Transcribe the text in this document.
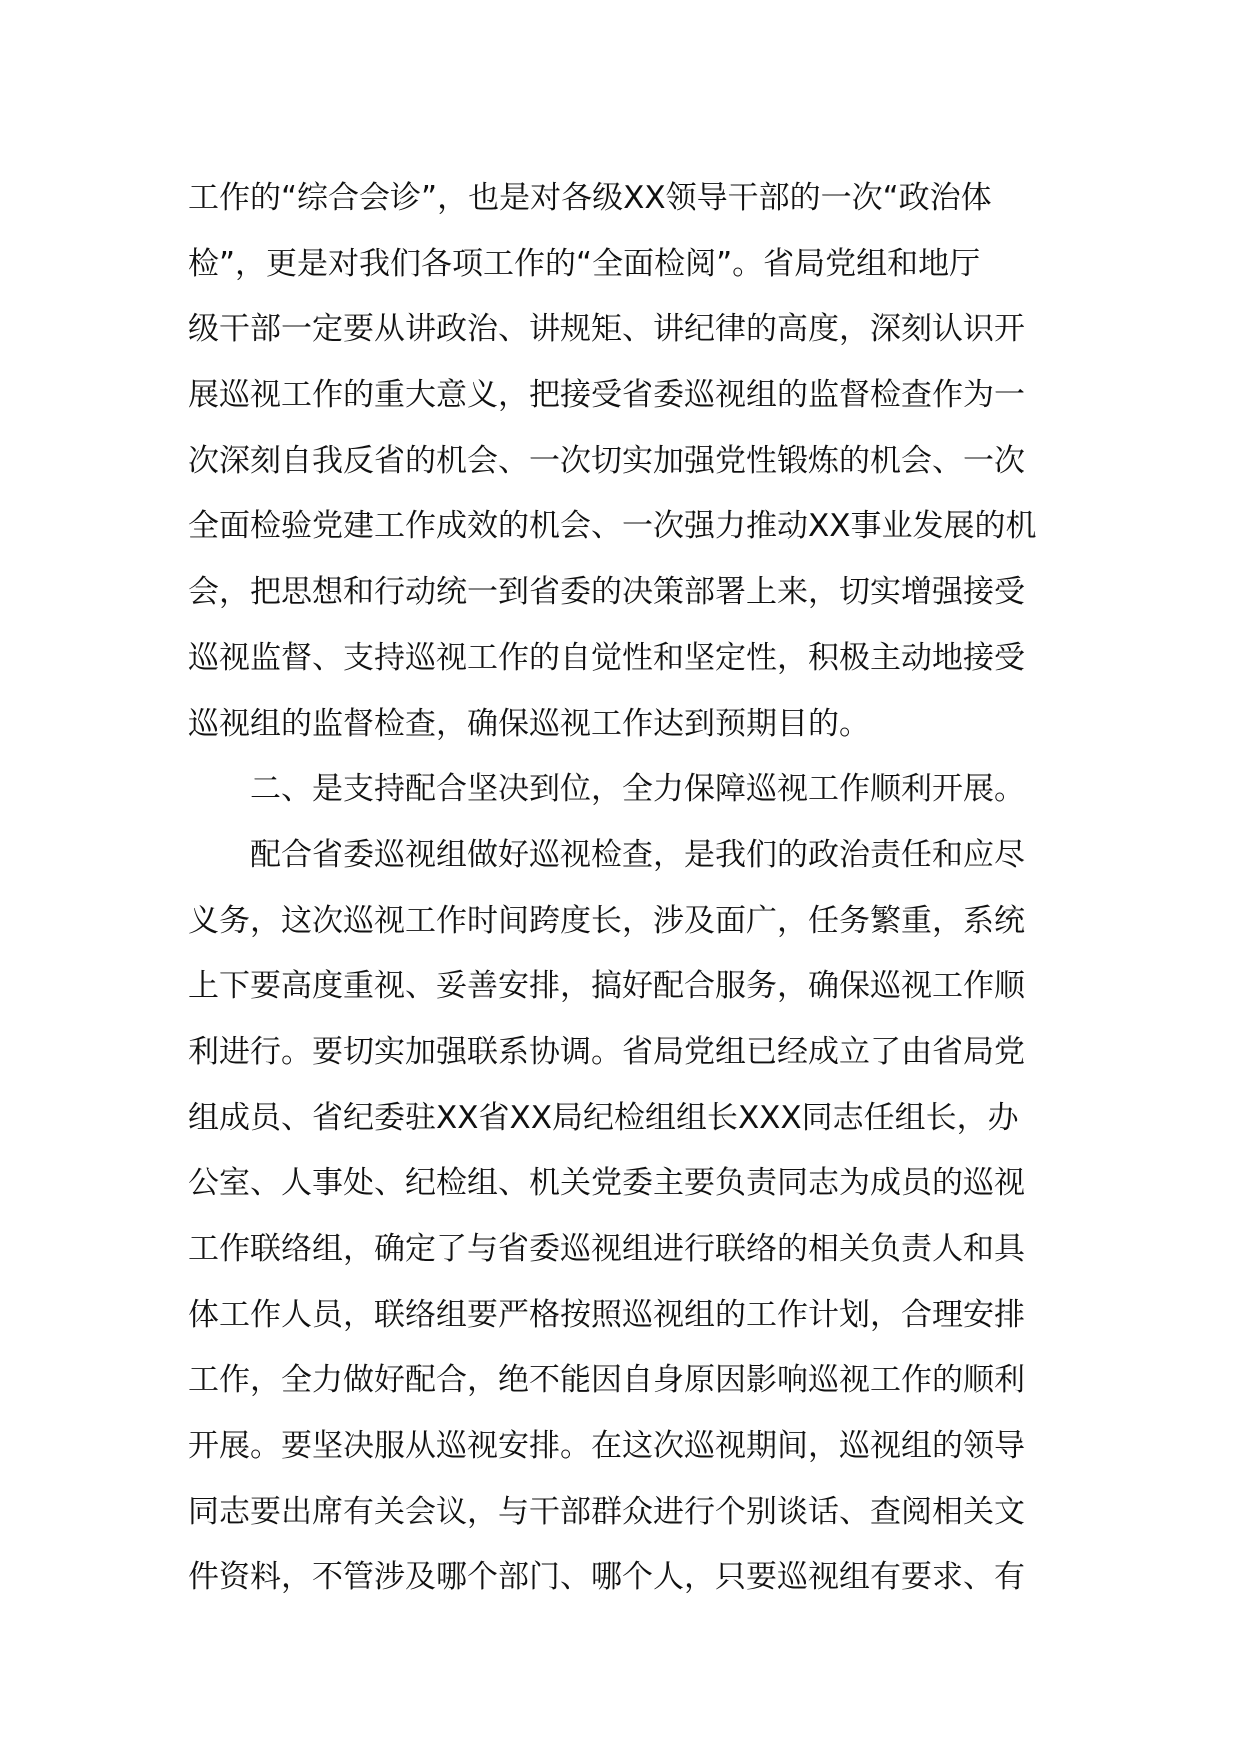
工作的“综合会诊”，也是对各级XX领导干部的一次“政治体
检”，更是对我们各项工作的“全面检阅”。省局党组和地厅
级干部一定要从讲政治、讲规矩、讲纪律的高度，深刻认识开
展巡视工作的重大意义，把接受省委巡视组的监督检查作为一
次深刻自我反省的机会、一次切实加强党性锻炼的机会、一次
全面检验党建工作成效的机会、一次强力推动XX事业发展的机
会，把思想和行动统一到省委的决策部署上来，切实增强接受
巡视监督、支持巡视工作的自觉性和坚定性，积极主动地接受
巡视组的监督检查，确保巡视工作达到预期目的。
二、是支持配合坚决到位，全力保障巡视工作顺利开展。
配合省委巡视组做好巡视检查，是我们的政治责任和应尽
义务，这次巡视工作时间跨度长，涉及面广，任务繁重，系统
上下要高度重视、妥善安排，搞好配合服务，确保巡视工作顺
利进行。要切实加强联系协调。省局党组已经成立了由省局党
组成员、省纪委驻XX省XX局纪检组组长XXX同志任组长，办
公室、人事处、纪检组、机关党委主要负责同志为成员的巡视
工作联络组，确定了与省委巡视组进行联络的相关负责人和具
体工作人员，联络组要严格按照巡视组的工作计划，合理安排
工作，全力做好配合，绝不能因自身原因影响巡视工作的顺利
开展。要坚决服从巡视安排。在这次巡视期间，巡视组的领导
同志要出席有关会议，与干部群众进行个别谈话、查阅相关文
件资料，不管涉及哪个部门、哪个人，只要巡视组有要求、有
